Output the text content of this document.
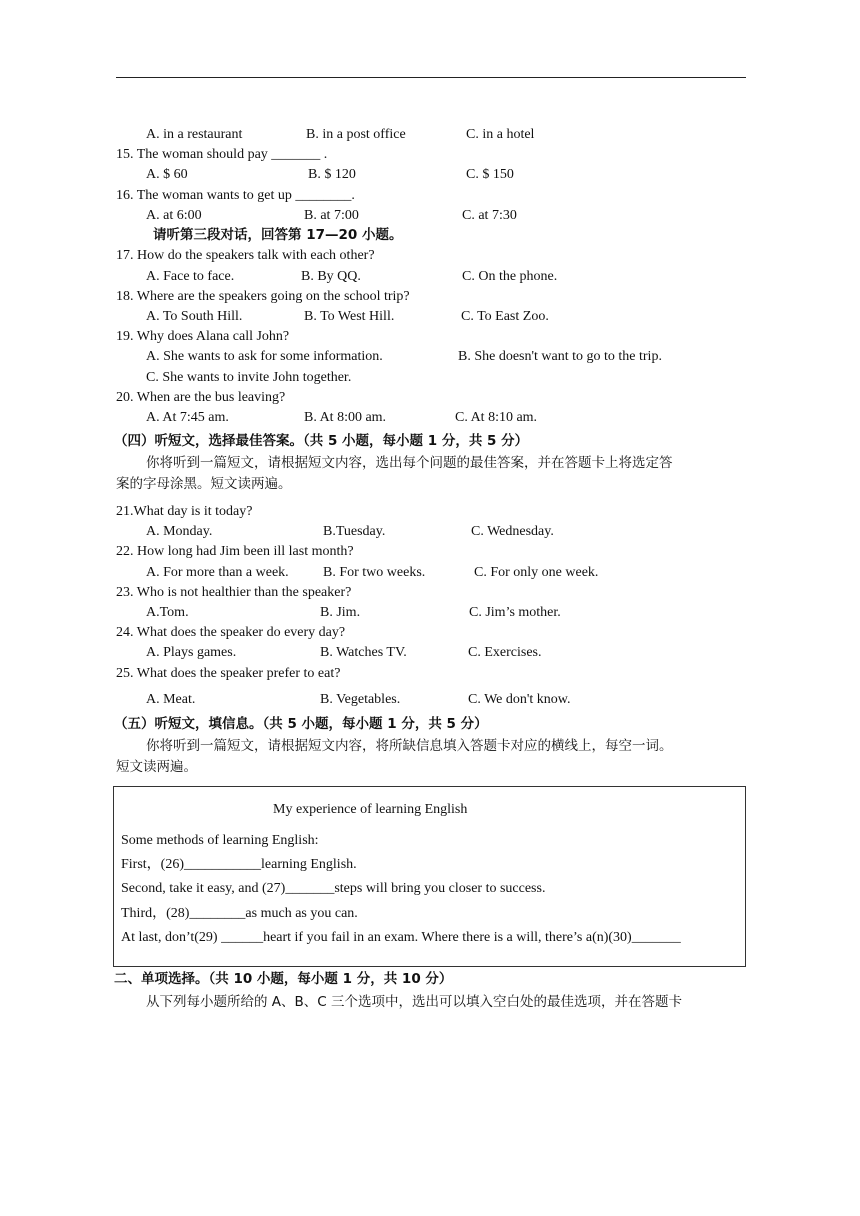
A. in a restaurant	B. in a post office	C. in a hotel
15. The woman should pay _______ .
A. $ 60	B. $ 120	C. $ 150
16. The woman wants to get up ________.
A. at 6:00	B. at 7:00	C. at 7:30
请听第三段对话，回答第 17—20 小题。
17. How do the speakers talk with each other?
A. Face to face.	B. By QQ.	C. On the phone.
18. Where are the speakers going on the school trip?
A. To South Hill.	B. To West Hill.	C. To East Zoo.
19. Why does Alana call John?
A. She wants to ask for some information.	B. She doesn't want to go to the trip.
C. She wants to invite John together.
20. When are the bus leaving?
A. At 7:45 am.	B. At 8:00 am.	C. At 8:10 am.
（四）听短文，选择最佳答案。（共 5 小题，每小题 1 分，共 5 分）
你将听到一篇短文，请根据短文内容，选出每个问题的最佳答案，并在答题卡上将选定答
案的字母涂黑。短文读两遍。
21.What day is it today?
A. Monday.	B.Tuesday.	C. Wednesday.
22. How long had Jim been ill last month?
A. For more than a week. B. For two weeks.	C. For only one week.
23. Who is not healthier than the speaker?
A.Tom.	B. Jim.	C. Jim’s mother.
24. What does the speaker do every day?
A. Plays games.	B. Watches TV.	C. Exercises.
25. What does the speaker prefer to eat?
A. Meat.	B. Vegetables.	C. We don't know.
（五）听短文，填信息。（共 5 小题，每小题 1 分，共 5 分）
你将听到一篇短文，请根据短文内容，将所缺信息填入答题卡对应的横线上，每空一词。
短文读两遍。
My experience of learning English
Some methods of learning English:
First，(26)___________learning English.
Second, take it easy, and (27)_______steps will bring you closer to success.
Third，(28)________as much as you can.
At last, don’t(29) ______heart if you fail in an exam. Where there is a will, there’s a(n)(30)_______
二、单项选择。（共 10 小题，每小题 1 分，共 10 分）
从下列每小题所给的 A、B、C 三个选项中，选出可以填入空白处的最佳选项，并在答题卡
